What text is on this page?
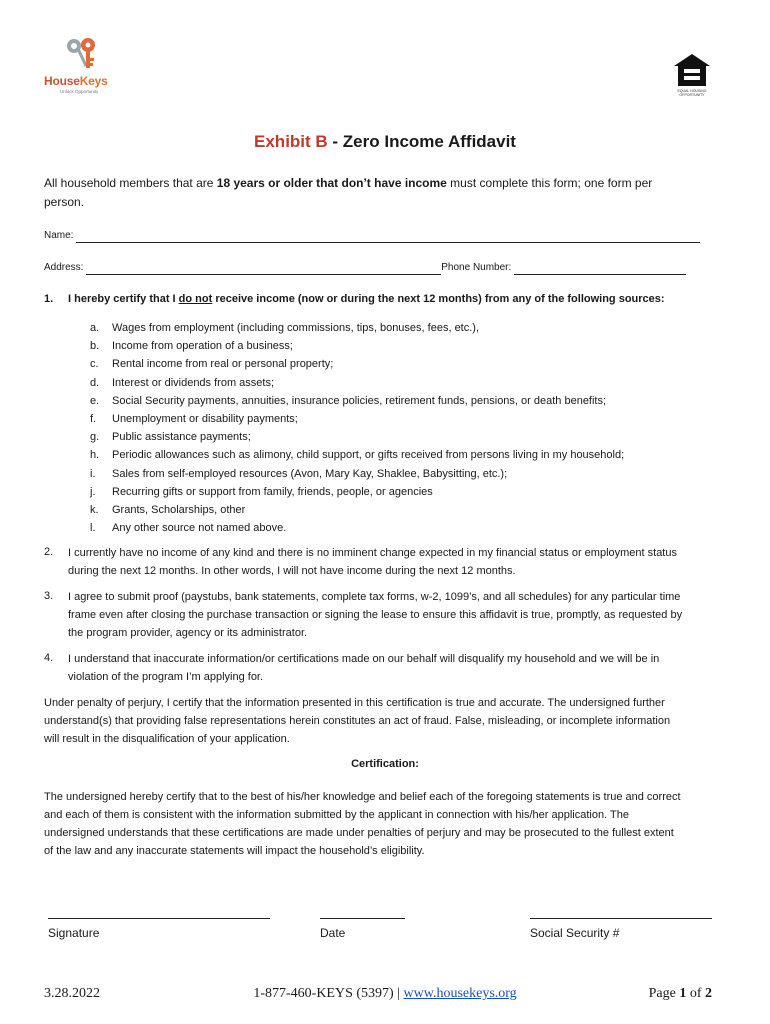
HouseKeys
Unlock Opportunity	EQUAL HOUSING OPPORTUNITY
Exhibit B - Zero Income Affidavit
All household members that are 18 years or older that don’t have income must complete this form; one form per
person.
Name:
Address:	Phone Number:
1. I hereby certify that I do not receive income (now or during the next 12 months) from any of the following sources:
a.	Wages from employment (including commissions, tips, bonuses, fees, etc.),
b.	Income from operation of a business;
c.	Rental income from real or personal property;
d.	Interest or dividends from assets;
e.	Social Security payments, annuities, insurance policies, retirement funds, pensions, or death benefits;
f.	Unemployment or disability payments;
g.	Public assistance payments;
h.	Periodic allowances such as alimony, child support, or gifts received from persons living in my household;
i.	Sales from self-employed resources (Avon, Mary Kay, Shaklee, Babysitting, etc.);
j.	Recurring gifts or support from family, friends, people, or agencies
k.	Grants, Scholarships, other
l.	Any other source not named above.
2. I currently have no income of any kind and there is no imminent change expected in my financial status or employment status
during the next 12 months. In other words, I will not have income during the next 12 months.
3. I agree to submit proof (paystubs, bank statements, complete tax forms, w-2, 1099’s, and all schedules) for any particular time
frame even after closing the purchase transaction or signing the lease to ensure this affidavit is true, promptly, as requested by
the program provider, agency or its administrator.
4. I understand that inaccurate information/or certifications made on our behalf will disqualify my household and we will be in
violation of the program I’m applying for.
Under penalty of perjury, I certify that the information presented in this certification is true and accurate. The undersigned further
understand(s) that providing false representations herein constitutes an act of fraud. False, misleading, or incomplete information
will result in the disqualification of your application.
Certification:
The undersigned hereby certify that to the best of his/her knowledge and belief each of the foregoing statements is true and correct
and each of them is consistent with the information submitted by the applicant in connection with his/her application. The
undersigned understands that these certifications are made under penalties of perjury and may be prosecuted to the fullest extent
of the law and any inaccurate statements will impact the household’s eligibility.
Signature	Date	Social Security #
3.28.2022	1-877-460-KEYS (5397) | www.housekeys.org	Page 1 of 2
